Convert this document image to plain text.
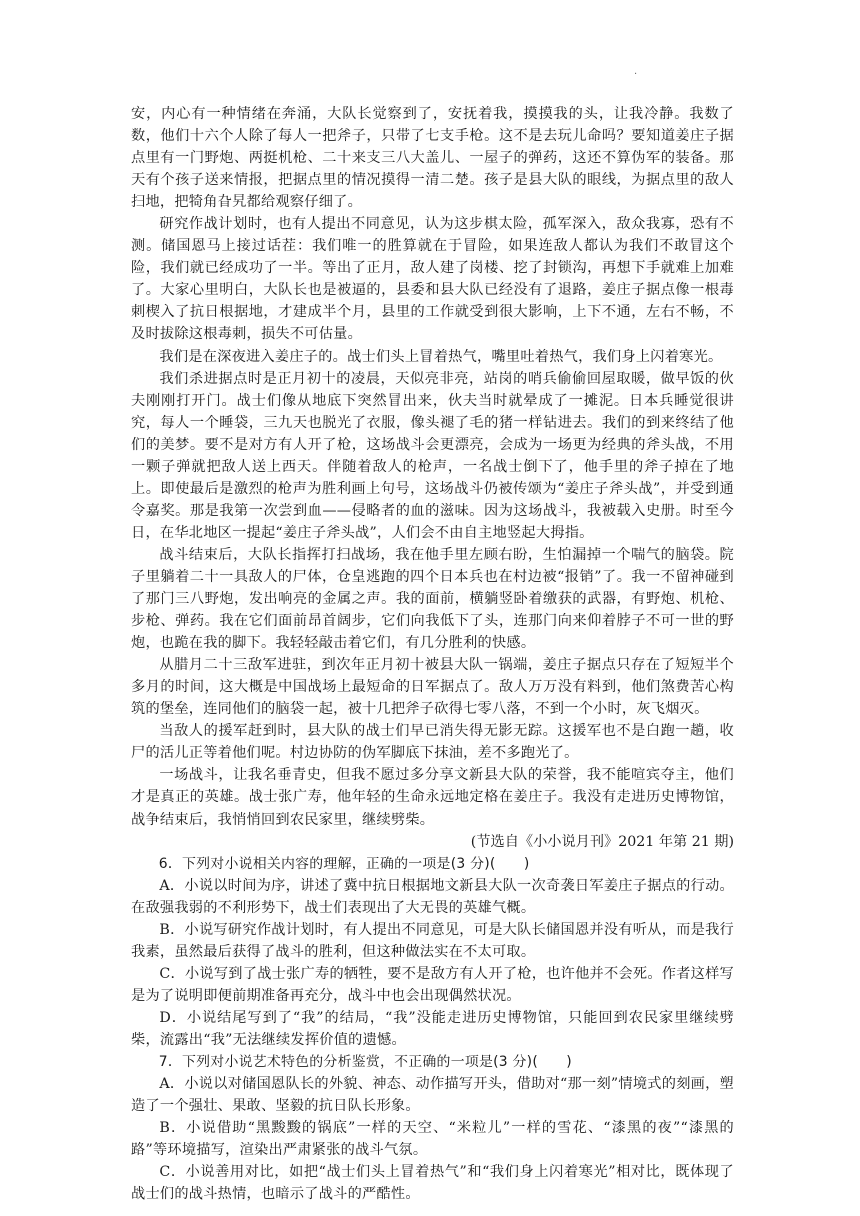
.

安，内心有一种情绪在奔涌，大队长觉察到了，安抚着我，摸摸我的头，让我冷静。我数了数，他们十六个人除了每人一把斧子，只带了七支手枪。这不是去玩儿命吗？要知道姜庄子据点里有一门野炮、两挺机枪、二十来支三八大盖儿、一屋子的弹药，这还不算伪军的装备。那天有个孩子送来情报，把据点里的情况摸得一清二楚。孩子是县大队的眼线，为据点里的敌人扫地，把犄角旮旯都给观察仔细了。

研究作战计划时，也有人提出不同意见，认为这步棋太险，孤军深入，敌众我寡，恐有不测。储国恩马上接过话茬：我们唯一的胜算就在于冒险，如果连敌人都认为我们不敢冒这个险，我们就已经成功了一半。等出了正月，敌人建了岗楼、挖了封锁沟，再想下手就难上加难了。大家心里明白，大队长也是被逼的，县委和县大队已经没有了退路，姜庄子据点像一根毒刺楔入了抗日根据地，才建成半个月，县里的工作就受到很大影响，上下不通，左右不畅，不及时拔除这根毒刺，损失不可估量。

我们是在深夜进入姜庄子的。战士们头上冒着热气，嘴里吐着热气，我们身上闪着寒光。

我们杀进据点时是正月初十的凌晨，天似亮非亮，站岗的哨兵偷偷回屋取暖，做早饭的伙夫刚刚打开门。战士们像从地底下突然冒出来，伙夫当时就晕成了一摊泥。日本兵睡觉很讲究，每人一个睡袋，三九天也脱光了衣服，像头褪了毛的猪一样钻进去。我们的到来终结了他们的美梦。要不是对方有人开了枪，这场战斗会更漂亮，会成为一场更为经典的斧头战，不用一颗子弹就把敌人送上西天。伴随着敌人的枪声，一名战士倒下了，他手里的斧子掉在了地上。即使最后是激烈的枪声为胜利画上句号，这场战斗仍被传颂为“姜庄子斧头战”，并受到通令嘉奖。那是我第一次尝到血——侵略者的血的滋味。因为这场战斗，我被载入史册。时至今日，在华北地区一提起“姜庄子斧头战”，人们会不由自主地竖起大拇指。

战斗结束后，大队长指挥打扫战场，我在他手里左顾右盼，生怕漏掉一个喘气的脑袋。院子里躺着二十一具敌人的尸体，仓皇逃跑的四个日本兵也在村边被“报销”了。我一不留神碰到了那门三八野炮，发出响亮的金属之声。我的面前，横躺竖卧着缴获的武器，有野炮、机枪、步枪、弹药。我在它们面前昂首阔步，它们向我低下了头，连那门向来仰着脖子不可一世的野炮，也跪在我的脚下。我轻轻敲击着它们，有几分胜利的快感。

从腊月二十三敌军进驻，到次年正月初十被县大队一锅端，姜庄子据点只存在了短短半个多月的时间，这大概是中国战场上最短命的日军据点了。敌人万万没有料到，他们煞费苦心构筑的堡垒，连同他们的脑袋一起，被十几把斧子砍得七零八落，不到一个小时，灰飞烟灭。

当敌人的援军赶到时，县大队的战士们早已消失得无影无踪。这援军也不是白跑一趟，收尸的活儿正等着他们呢。村边协防的伪军脚底下抹油，差不多跑光了。

一场战斗，让我名垂青史，但我不愿过多分享文新县大队的荣誉，我不能喧宾夺主，他们才是真正的英雄。战士张广寿，他年轻的生命永远地定格在姜庄子。我没有走进历史博物馆，战争结束后，我悄悄回到农民家里，继续劈柴。

(节选自《小小说月刊》2021 年第 21 期)

6．下列对小说相关内容的理解，正确的一项是(3 分)(　　)

A．小说以时间为序，讲述了冀中抗日根据地文新县大队一次奇袭日军姜庄子据点的行动。在敌强我弱的不利形势下，战士们表现出了大无畏的英雄气概。

B．小说写研究作战计划时，有人提出不同意见，可是大队长储国恩并没有听从，而是我行我素，虽然最后获得了战斗的胜利，但这种做法实在不太可取。

C．小说写到了战士张广寿的牺牲，要不是敌方有人开了枪，也许他并不会死。作者这样写是为了说明即便前期准备再充分，战斗中也会出现偶然状况。

D．小说结尾写到了“我”的结局，“我”没能走进历史博物馆，只能回到农民家里继续劈柴，流露出“我”无法继续发挥价值的遗憾。

7．下列对小说艺术特色的分析鉴赏，不正确的一项是(3 分)(　　)

A．小说以对储国恩队长的外貌、神态、动作描写开头，借助对“那一刻”情境式的刻画，塑造了一个强壮、果敢、坚毅的抗日队长形象。

B．小说借助“黑黢黢的锅底”一样的天空、“米粒儿”一样的雪花、“漆黑的夜”“漆黑的路”等环境描写，渲染出严肃紧张的战斗气氛。

C．小说善用对比，如把“战士们头上冒着热气”和“我们身上闪着寒光”相对比，既体现了战士们的战斗热情，也暗示了战斗的严酷性。
